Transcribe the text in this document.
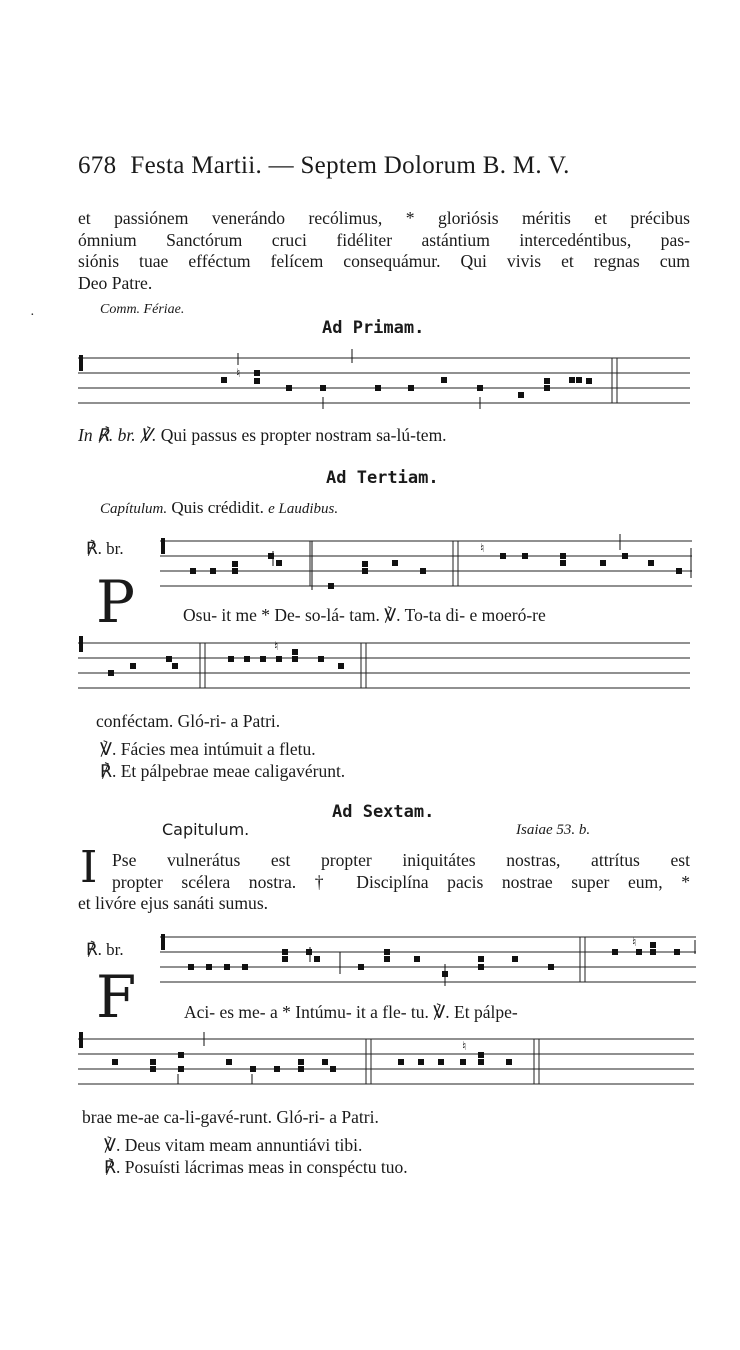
678 Festa Martii. — Septem Dolorum B. M. V.
et passiónem venerándo recólimus, * gloriósis méritis et précibus
ómnium Sanctórum cruci fidéliter astántium intercedéntibus, pas-
siónis tuae efféctum felícem consequámur. Qui vivis et regnas cum
Deo Patre.
·	Comm. Fériae.
Ad Primam.
♮
In ℟. br. ℣. Qui passus es propter nostram sa-lú-tem.
Ad Tertiam.
Capítulum. Quis crédidit. e Laudibus.
℟. br.
P
♮
Osu- it me * De- so-lá- tam. ℣. To-ta di- e moeró-re
♮
conféctam. Gló-ri- a Patri.
℣. Fácies mea intúmuit a fletu.
℟. Et pálpebrae meae caligavérunt.
Ad Sextam.
Capitulum.	Isaiae 53. b.
I Pse vulnerátus est propter iniquitátes nostras, attrítus est
propter scélera nostra. † Disciplína pacis nostrae super eum, *
et livóre ejus sanáti sumus.
℟. br.
F
♮
Aci- es me- a * Intúmu- it a fle- tu. ℣. Et pálpe-
♮
brae me-ae ca-li-gavé-runt. Gló-ri- a Patri.
℣. Deus vitam meam annuntiávi tibi.
℟. Posuísti lácrimas meas in conspéctu tuo.
